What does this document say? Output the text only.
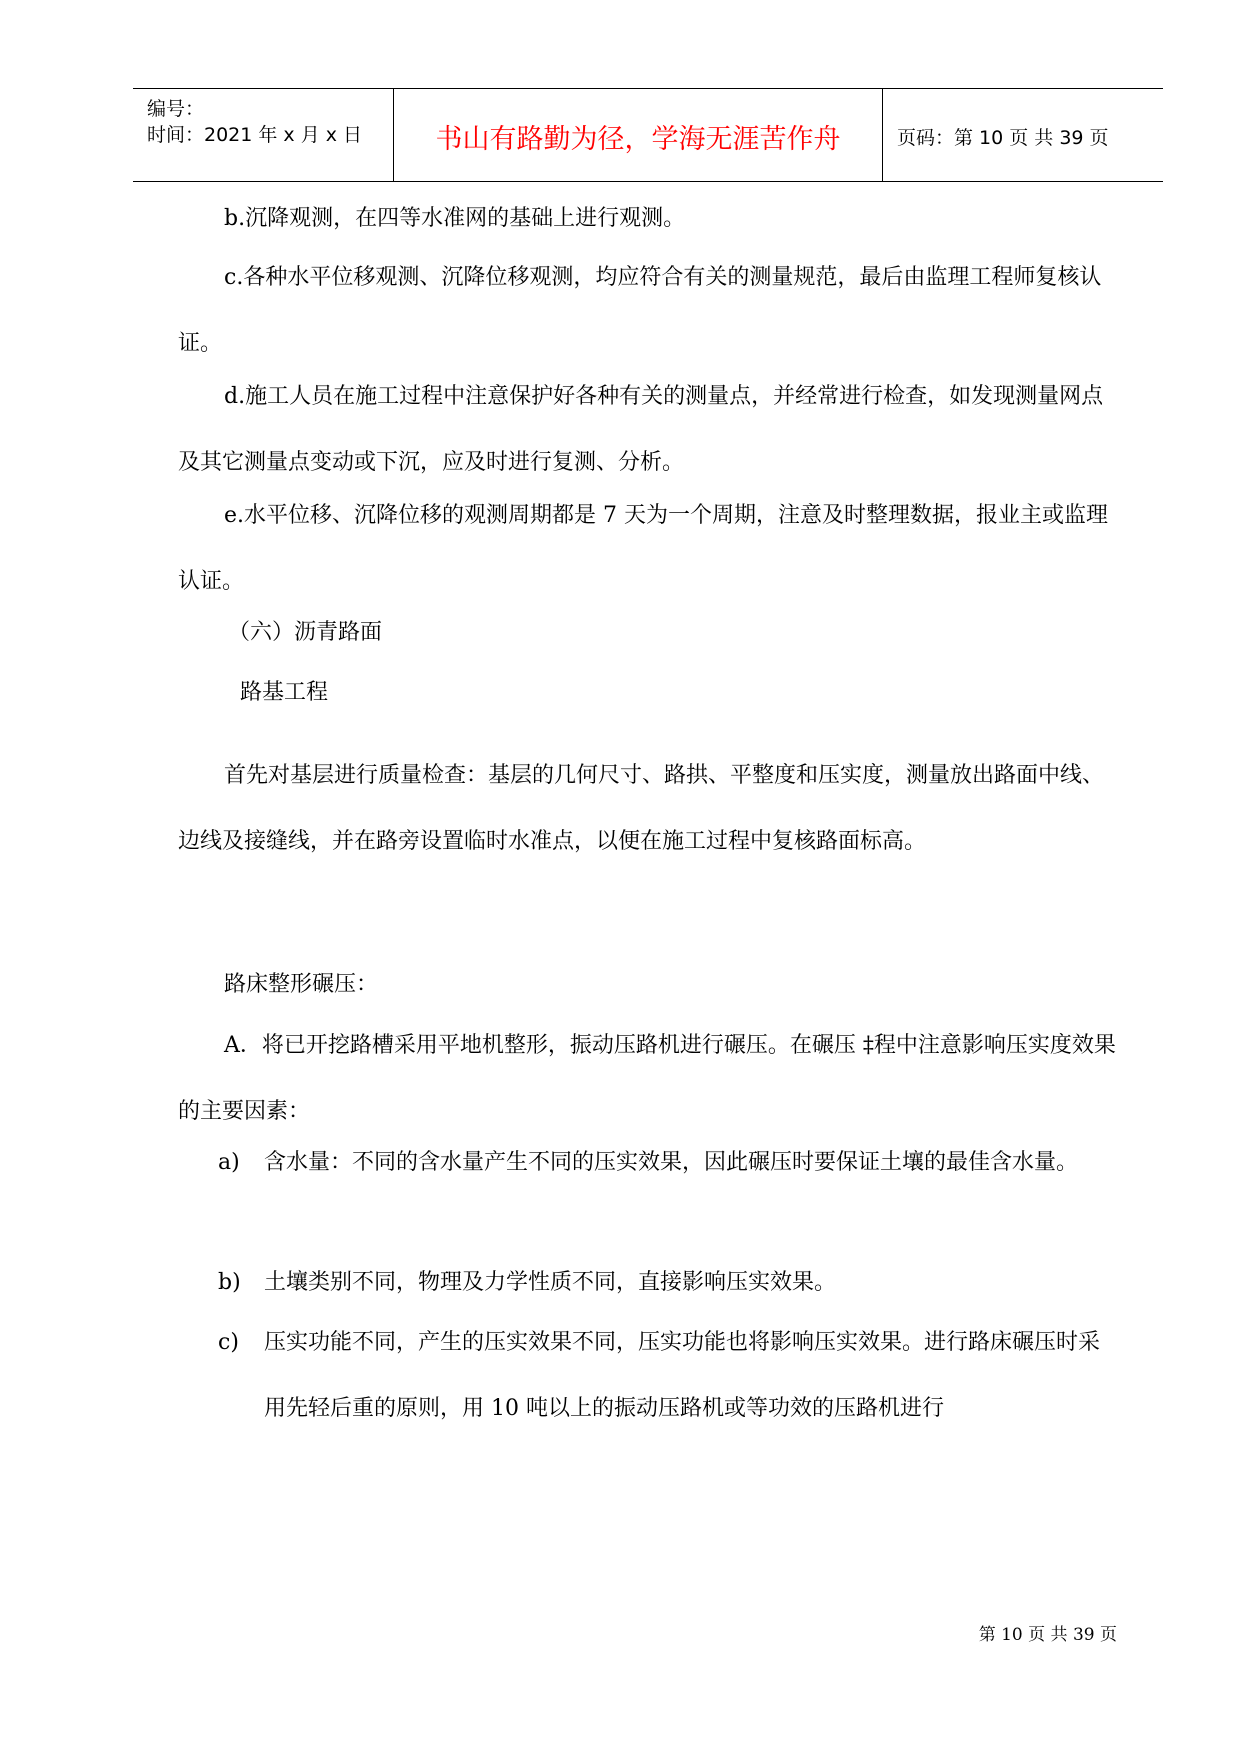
编号：
时间：2021 年 x 月 x 日	书山有路勤为径，学海无涯苦作舟	页码：第 10 页 共 39 页

b.沉降观测，在四等水准网的基础上进行观测。

c.各种水平位移观测、沉降位移观测，均应符合有关的测量规范，最后由监理工程师复核认证。

d.施工人员在施工过程中注意保护好各种有关的测量点，并经常进行检查，如发现测量网点及其它测量点变动或下沉，应及时进行复测、分析。

e.水平位移、沉降位移的观测周期都是 7 天为一个周期，注意及时整理数据，报业主或监理认证。

（六）沥青路面

路基工程

首先对基层进行质量检查：基层的几何尺寸、路拱、平整度和压实度，测量放出路面中线、边线及接缝线，并在路旁设置临时水准点，以便在施工过程中复核路面标高。

路床整形碾压：

A．将已开挖路槽采用平地机整形，振动压路机进行碾压。在碾压 ‡程中注意影响压实度效果的主要因素：

a) 含水量：不同的含水量产生不同的压实效果，因此碾压时要保证土壤的最佳含水量。
b) 土壤类别不同，物理及力学性质不同，直接影响压实效果。
c) 压实功能不同，产生的压实效果不同，压实功能也将影响压实效果。进行路床碾压时采用先轻后重的原则，用 10 吨以上的振动压路机或等功效的压路机进行
第 10 页 共 39 页
